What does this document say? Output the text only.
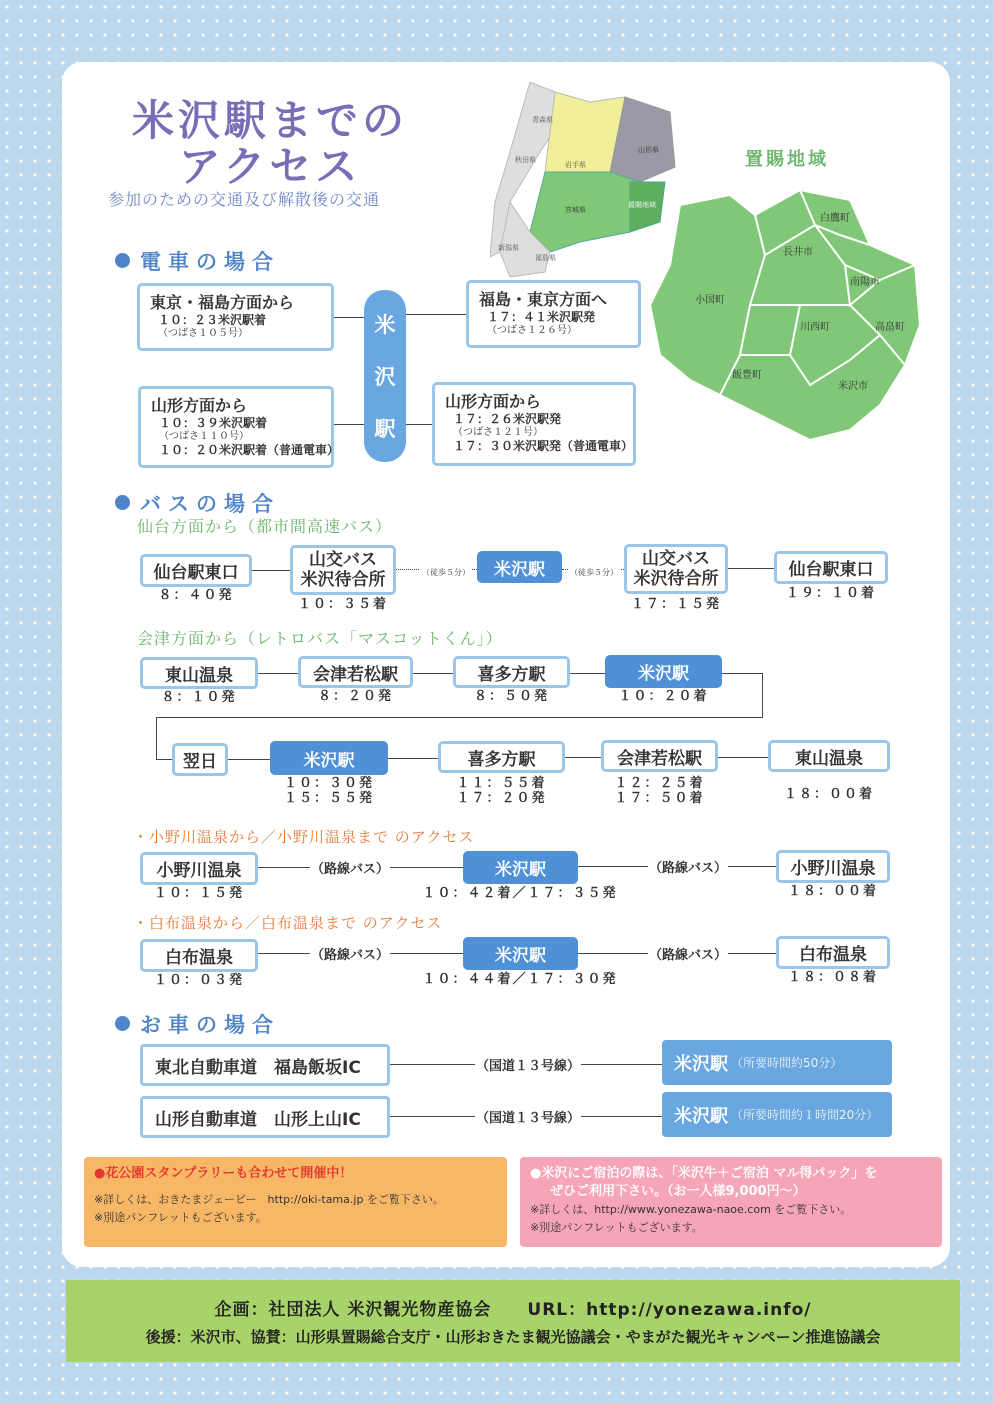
米沢駅までの
アクセス
参加のための交通及び解散後の交通
青森県
秋田県
岩手県
山形県
宮城県
福島県
新潟県
置賜地域
置賜地域
白鷹町
長井市
南陽市
小国町
川西町	高畠町
飯豊町
米沢市
電車の場合
東京・福島方面から
１０：２３米沢駅着
（つばさ１０５号）
福島・東京方面へ
１７：４１米沢駅発
（つばさ１２６号）
山形方面から
１０：３９米沢駅着
（つばさ１１０号）
１０：２０米沢駅着（普通電車）
山形方面から
１７：２６米沢駅発
（つばさ１２１号）
１７：３０米沢駅発（普通電車）
米
沢
駅
バスの場合
仙台方面から（都市間高速バス）
（徒歩５分）	（徒歩５分）
仙台駅東口
８：４０発
山交バス
米沢待合所
１０：３５着
米沢駅
山交バス
米沢待合所
１７：１５発
仙台駅東口
１９：１０着
会津方面から（レトロバス「マスコットくん」）
東山温泉
８：１０発
会津若松駅
８：２０発
喜多方駅
８：５０発
米沢駅
１０：２０着
翌日	米沢駅
１０：３０発
１５：５５発
喜多方駅
１１：５５着
１７：２０発
会津若松駅
１２：２５着
１７：５０着
東山温泉
１８：００着
・小野川温泉から／小野川温泉まで のアクセス
（路線バス）	（路線バス）
小野川温泉
１０：１５発
米沢駅
１０：４２着／１７：３５発
小野川温泉
１８：００着
・白布温泉から／白布温泉まで のアクセス
（路線バス）	（路線バス）
白布温泉
１０：０３発
米沢駅
１０：４４着／１７：３０発
白布温泉
１８：０８着
お車の場合
（国道１３号線）
東北自動車道　福島飯坂IC	米沢駅 （所要時間約50分）
（国道１３号線）
山形自動車道　山形上山IC	米沢駅 （所要時間約１時間20分）
●花公園スタンプラリーも合わせて開催中！
※詳しくは、おきたまジェーピー　http://oki-tama.jp をご覧下さい。
※別途パンフレットもございます。
●米沢にご宿泊の際は、「米沢牛＋ご宿泊 マル得パック」を
ぜひご利用下さい。（お一人様9,000円～）
※詳しくは、http://www.yonezawa-naoe.com をご覧下さい。
※別途パンフレットもございます。
企画：社団法人 米沢観光物産協会　　URL：http://yonezawa.info/
後援：米沢市、協賛：山形県置賜総合支庁・山形おきたま観光協議会・やまがた観光キャンペーン推進協議会
